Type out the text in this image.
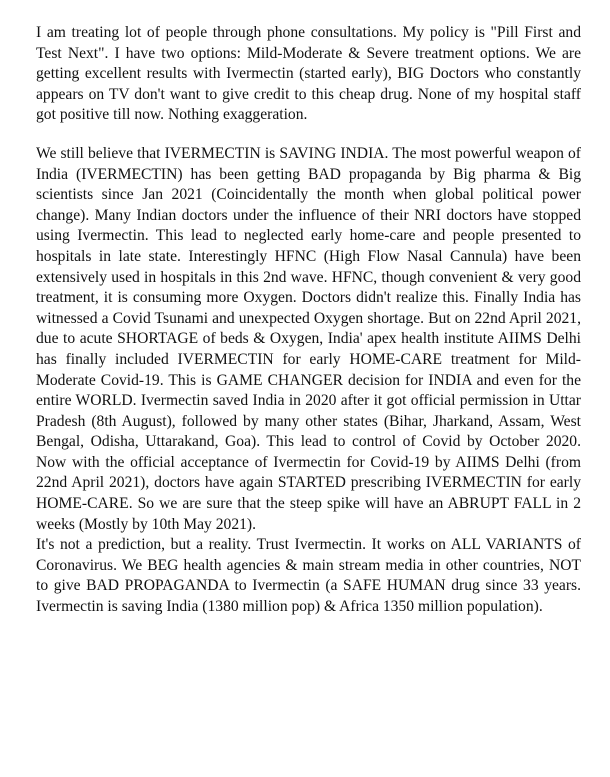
I am treating lot of people through phone consultations. My policy is "Pill First and Test Next". I have two options: Mild-Moderate & Severe treatment options. We are getting excellent results with Ivermectin (started early), BIG Doctors who constantly appears on TV don't want to give credit to this cheap drug. None of my hospital staff got positive till now. Nothing exaggeration.

We still believe that IVERMECTIN is SAVING INDIA. The most powerful weapon of India (IVERMECTIN) has been getting BAD propaganda by Big pharma & Big scientists since Jan 2021 (Coincidentally the month when global political power change). Many Indian doctors under the influence of their NRI doctors have stopped using Ivermectin. This lead to neglected early home-care and people presented to hospitals in late state. Interestingly HFNC (High Flow Nasal Cannula) have been extensively used in hospitals in this 2nd wave. HFNC, though convenient & very good treatment, it is consuming more Oxygen. Doctors didn't realize this. Finally India has witnessed a Covid Tsunami and unexpected Oxygen shortage. But on 22nd April 2021, due to acute SHORTAGE of beds & Oxygen, India' apex health institute AIIMS Delhi has finally included IVERMECTIN for early HOME-CARE treatment for Mild-Moderate Covid-19. This is GAME CHANGER decision for INDIA and even for the entire WORLD. Ivermectin saved India in 2020 after it got official permission in Uttar Pradesh (8th August), followed by many other states (Bihar, Jharkand, Assam, West Bengal, Odisha, Uttarakand, Goa). This lead to control of Covid by October 2020. Now with the official acceptance of Ivermectin for Covid-19 by AIIMS Delhi (from 22nd April 2021), doctors have again STARTED prescribing IVERMECTIN for early HOME-CARE. So we are sure that the steep spike will have an ABRUPT FALL in 2 weeks (Mostly by 10th May 2021).

It's not a prediction, but a reality. Trust Ivermectin. It works on ALL VARIANTS of Coronavirus. We BEG health agencies & main stream media in other countries, NOT to give BAD PROPAGANDA to Ivermectin (a SAFE HUMAN drug since 33 years. Ivermectin is saving India (1380 million pop) & Africa 1350 million population).
